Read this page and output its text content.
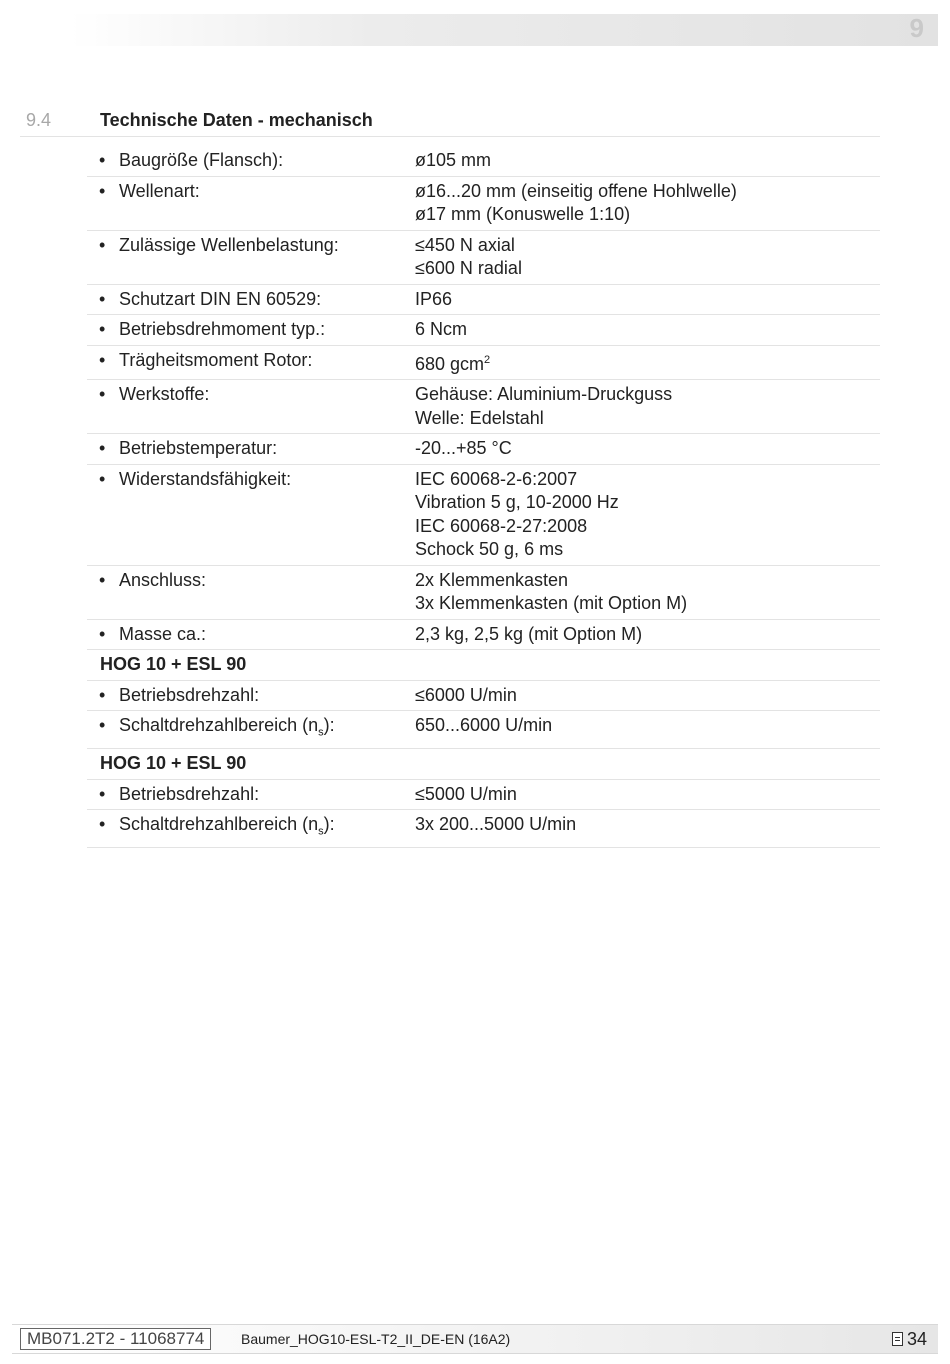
9
9.4	Technische Daten - mechanisch
• Baugröße (Flansch):	ø105 mm

• Wellenart:	ø16...20 mm (einseitig offene Hohlwelle)
ø17 mm (Konuswelle 1:10)

• Zulässige Wellenbelastung:	≤450 N axial
≤600 N radial

• Schutzart DIN EN 60529:	IP66

• Betriebsdrehmoment typ.:	6 Ncm

• Trägheitsmoment Rotor:	680 gcm$^2$
• Werkstoffe:	Gehäuse: Aluminium-Druckguss
Welle: Edelstahl

• Betriebstemperatur:	-20...+85 °C

• Widerstandsfähigkeit:	IEC 60068-2-6:2007
Vibration 5 g, 10-2000 Hz
IEC 60068-2-27:2008
Schock 50 g, 6 ms

• Anschluss:	2x Klemmenkasten
3x Klemmenkasten (mit Option M)

• Masse ca.:	2,3 kg, 2,5 kg (mit Option M)

HOG 10 + ESL 90	
• Betriebsdrehzahl:	≤6000 U/min

• Schaltdrehzahlbereich $(n_s)$:	650...6000 U/min

HOG 10 + ESL 90	
• Betriebsdrehzahl:	≤5000 U/min

• Schaltdrehzahlbereich $(n_s)$:	3x 200...5000 U/min
MB071.2T2 - 11068774	Baumer_HOG10-ESL-T2_II_DE-EN (16A2)	34
